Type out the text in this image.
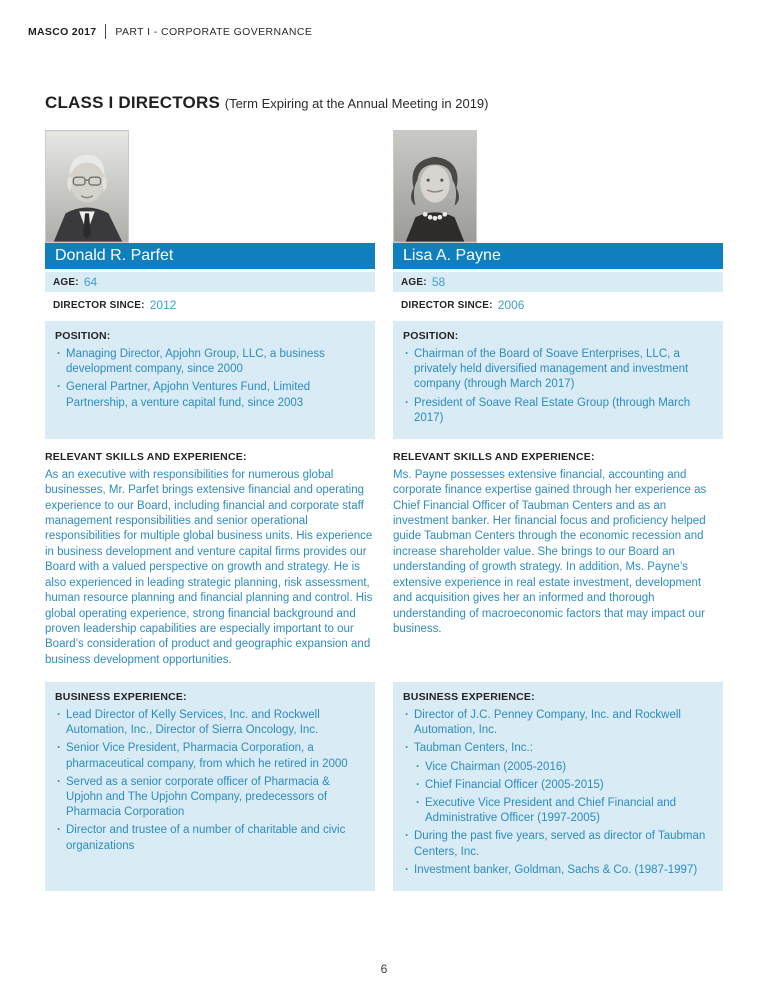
MASCO 2017 PART I - CORPORATE GOVERNANCE
CLASS I DIRECTORS (Term Expiring at the Annual Meeting in 2019)
Donald R. Parfet	Lisa A. Payne
AGE: 64	AGE: 58
DIRECTOR SINCE: 2012	DIRECTOR SINCE: 2006
POSITION:
· Managing Director, Apjohn Group, LLC, a business development company, since 2000
· General Partner, Apjohn Ventures Fund, Limited Partnership, a venture capital fund, since 2003
POSITION:
· Chairman of the Board of Soave Enterprises, LLC, a privately held diversified management and investment company (through March 2017)
· President of Soave Real Estate Group (through March 2017)
RELEVANT SKILLS AND EXPERIENCE:

As an executive with responsibilities for numerous global businesses, Mr. Parfet brings extensive financial and operating experience to our Board, including financial and corporate staff management responsibilities and senior operational responsibilities for multiple global business units. His experience in business development and venture capital firms provides our Board with a valued perspective on growth and strategy. He is also experienced in leading strategic planning, risk assessment, human resource planning and financial planning and control. His global operating experience, strong financial background and proven leadership capabilities are especially important to our Board’s consideration of product and geographic expansion and business development opportunities.

RELEVANT SKILLS AND EXPERIENCE:

Ms. Payne possesses extensive financial, accounting and corporate finance expertise gained through her experience as Chief Financial Officer of Taubman Centers and as an investment banker. Her financial focus and proficiency helped guide Taubman Centers through the economic recession and increase shareholder value. She brings to our Board an understanding of growth strategy. In addition, Ms. Payne’s extensive experience in real estate investment, development and acquisition gives her an informed and thorough understanding of macroeconomic factors that may impact our business.

BUSINESS EXPERIENCE:
· Lead Director of Kelly Services, Inc. and Rockwell Automation, Inc., Director of Sierra Oncology, Inc.
· Senior Vice President, Pharmacia Corporation, a pharmaceutical company, from which he retired in 2000
· Served as a senior corporate officer of Pharmacia & Upjohn and The Upjohn Company, predecessors of Pharmacia Corporation
· Director and trustee of a number of charitable and civic organizations
BUSINESS EXPERIENCE:
· Director of J.C. Penney Company, Inc. and Rockwell Automation, Inc.
· Taubman Centers, Inc.:
· Vice Chairman (2005-2016)
· Chief Financial Officer (2005-2015)
· Executive Vice President and Chief Financial and Administrative Officer (1997-2005)
· During the past five years, served as director of Taubman Centers, Inc.
· Investment banker, Goldman, Sachs & Co. (1987-1997)
6
